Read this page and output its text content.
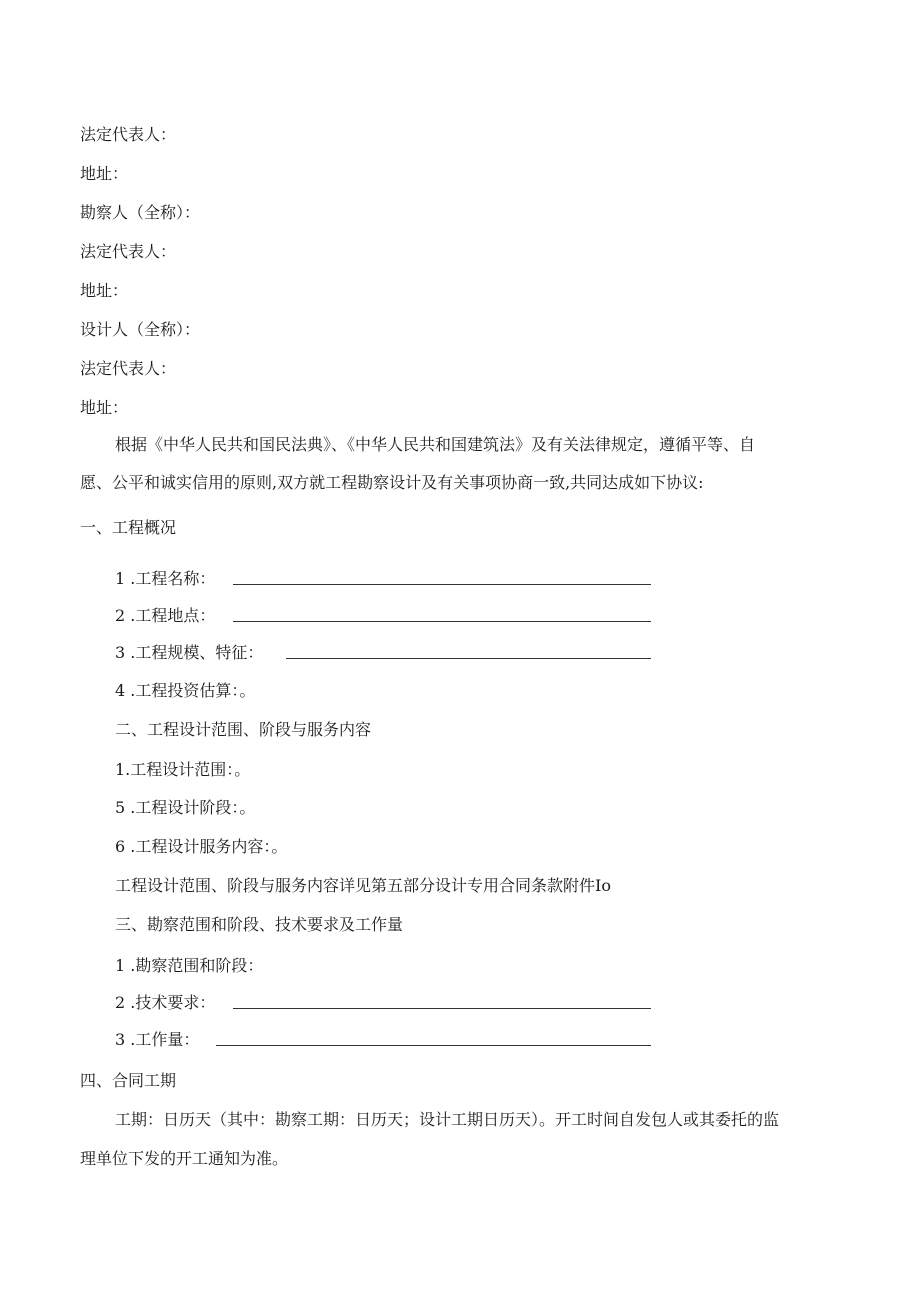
法定代表人：
地址：
勘察人（全称）：
法定代表人：
地址：
设计人（全称）：
法定代表人：
地址：
根据《中华人民共和国民法典》、《中华人民共和国建筑法》及有关法律规定，遵循平等、自
愿、公平和诚实信用的原则,双方就工程勘察设计及有关事项协商一致,共同达成如下协议:
一、工程概况
1 .工程名称：
2 .工程地点：
3 .工程规模、特征：
4 .工程投资估算：。
二、工程设计范围、阶段与服务内容
1.工程设计范围：。
5 .工程设计阶段：。
6 .工程设计服务内容：。
工程设计范围、阶段与服务内容详见第五部分设计专用合同条款附件Io
三、勘察范围和阶段、技术要求及工作量
1 .勘察范围和阶段：
2 .技术要求：
3 .工作量：
四、合同工期
工期：日历天（其中：勘察工期：日历天；设计工期日历天）。开工时间自发包人或其委托的监
理单位下发的开工通知为准。
